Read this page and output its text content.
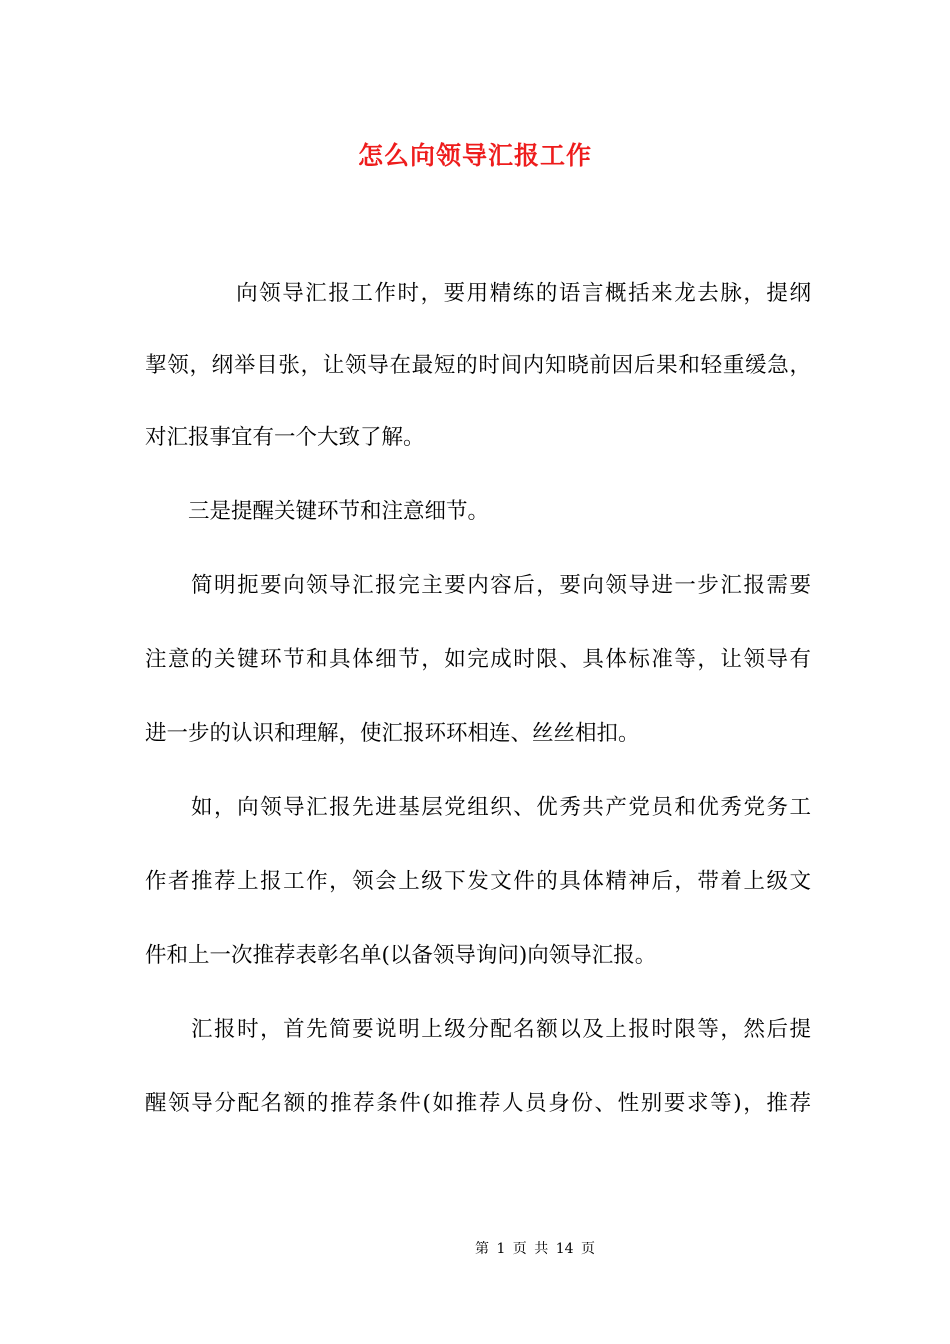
怎么向领导汇报工作
　　向领导汇报工作时，要用精练的语言概括来龙去脉，提纲
挈领，纲举目张，让领导在最短的时间内知晓前因后果和轻重缓急，
对汇报事宜有一个大致了解。
　　三是提醒关键环节和注意细节。
　　简明扼要向领导汇报完主要内容后，要向领导进一步汇报需要
注意的关键环节和具体细节，如完成时限、具体标准等，让领导有
进一步的认识和理解，使汇报环环相连、丝丝相扣。
　　如，向领导汇报先进基层党组织、优秀共产党员和优秀党务工
作者推荐上报工作，领会上级下发文件的具体精神后，带着上级文
件和上一次推荐表彰名单(以备领导询问)向领导汇报。
　　汇报时，首先简要说明上级分配名额以及上报时限等，然后提
醒领导分配名额的推荐条件(如推荐人员身份、性别要求等)，推荐
第 1 页 共 14 页
